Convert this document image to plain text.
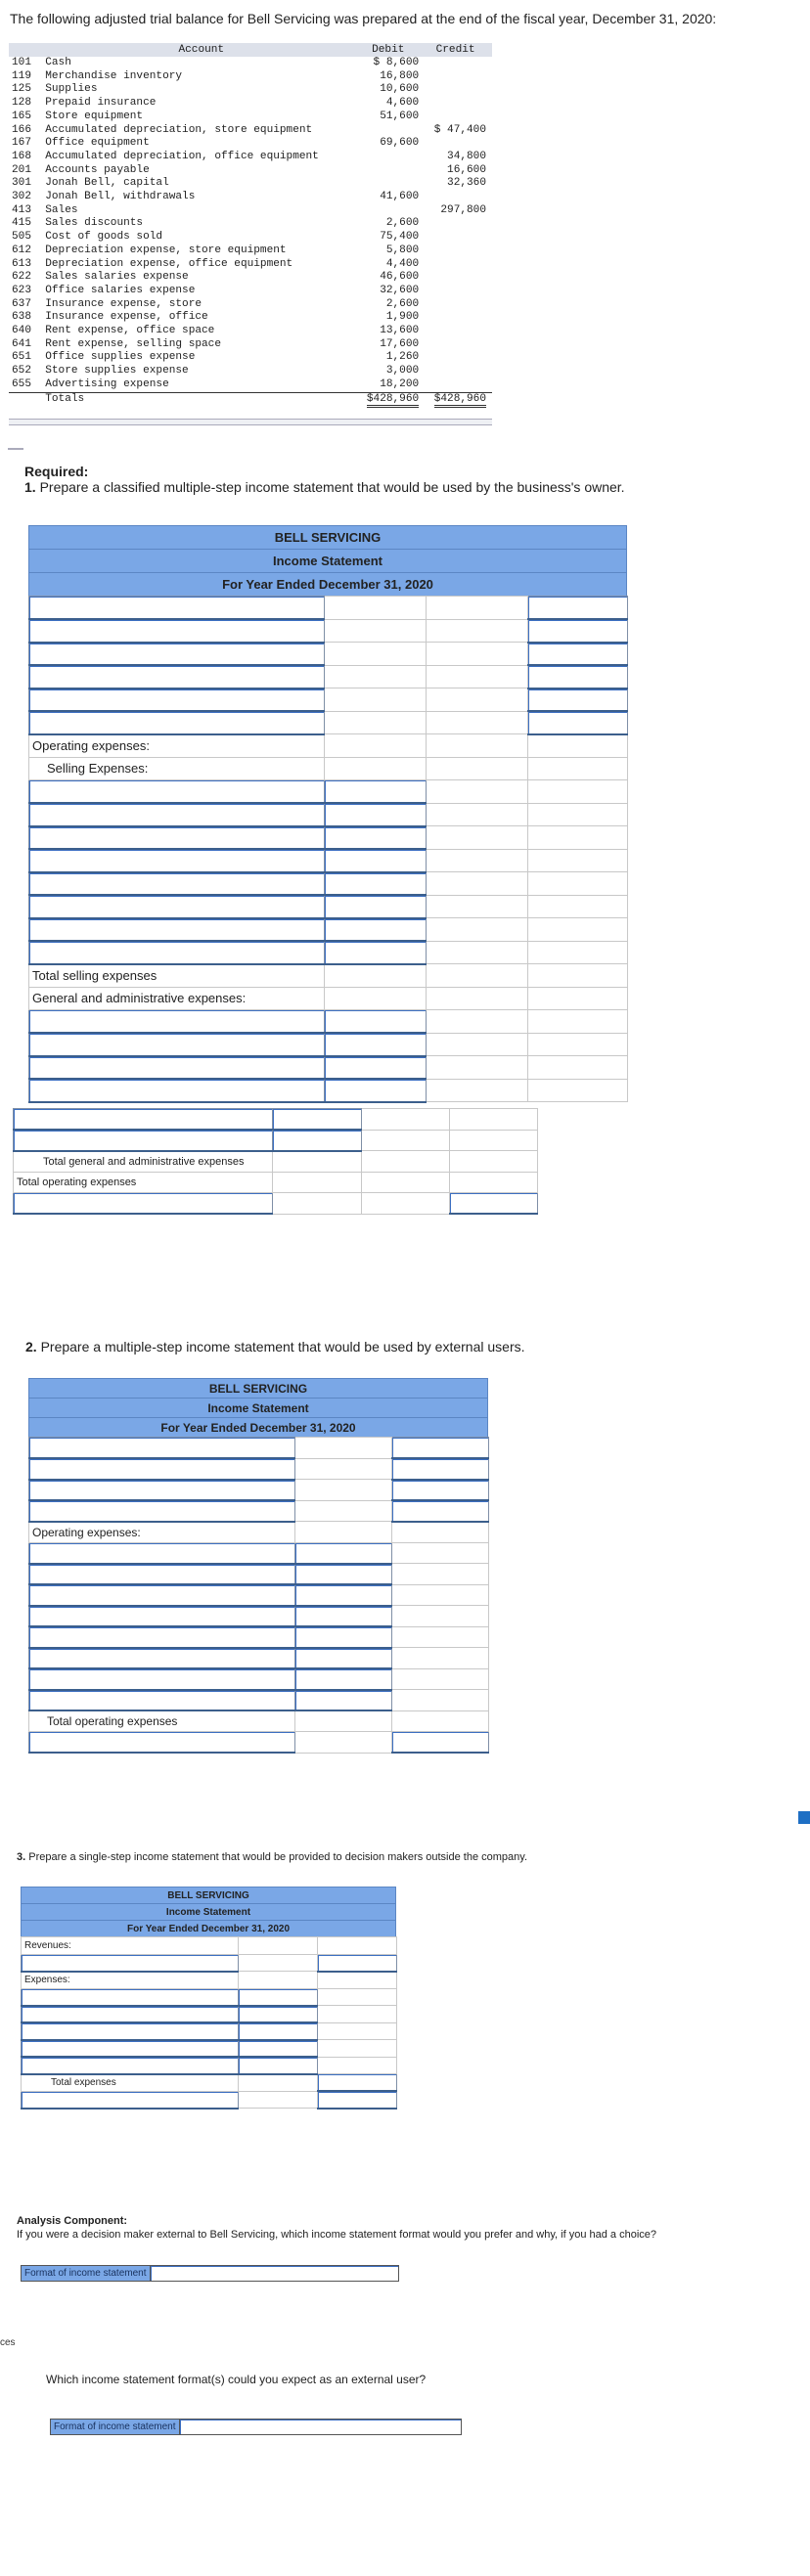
The following adjusted trial balance for Bell Servicing was prepared at the end of the fiscal year, December 31, 2020:
	Account	Debit	Credit
101	Cash	$ 8,600	
119	Merchandise inventory	16,800	
125	Supplies	10,600	
128	Prepaid insurance	4,600	
165	Store equipment	51,600	
166	Accumulated depreciation, store equipment		$ 47,400
167	Office equipment	69,600	
168	Accumulated depreciation, office equipment		34,800
201	Accounts payable		16,600
301	Jonah Bell, capital		32,360
302	Jonah Bell, withdrawals	41,600	
413	Sales		297,800
415	Sales discounts	2,600	
505	Cost of goods sold	75,400	
612	Depreciation expense, store equipment	5,800	
613	Depreciation expense, office equipment	4,400	
622	Sales salaries expense	46,600	
623	Office salaries expense	32,600	
637	Insurance expense, store	2,600	
638	Insurance expense, office	1,900	
640	Rent expense, office space	13,600	
641	Rent expense, selling space	17,600	
651	Office supplies expense	1,260	
652	Store supplies expense	3,000	
655	Advertising expense	18,200	
	Totals	$428,960	$428,960
Required:
1. Prepare a classified multiple-step income statement that would be used by the business's owner.
BELL SERVICING
Income Statement
For Year Ended December 31, 2020

Operating expenses:			
Selling Expenses:			

Total selling expenses			
General and administrative expenses:			

Total general and administrative expenses			
Total operating expenses			

2. Prepare a multiple-step income statement that would be used by external users.
BELL SERVICING
Income Statement
For Year Ended December 31, 2020

Operating expenses:		

Total operating expenses		

3. Prepare a single-step income statement that would be provided to decision makers outside the company.
BELL SERVICING
Income Statement
For Year Ended December 31, 2020
Revenues:		

Expenses:		

Total expenses		

Analysis Component:
If you were a decision maker external to Bell Servicing, which income statement format would you prefer and why, if you had a choice?
Format of income statement
ces
Which income statement format(s) could you expect as an external user?
Format of income statement
